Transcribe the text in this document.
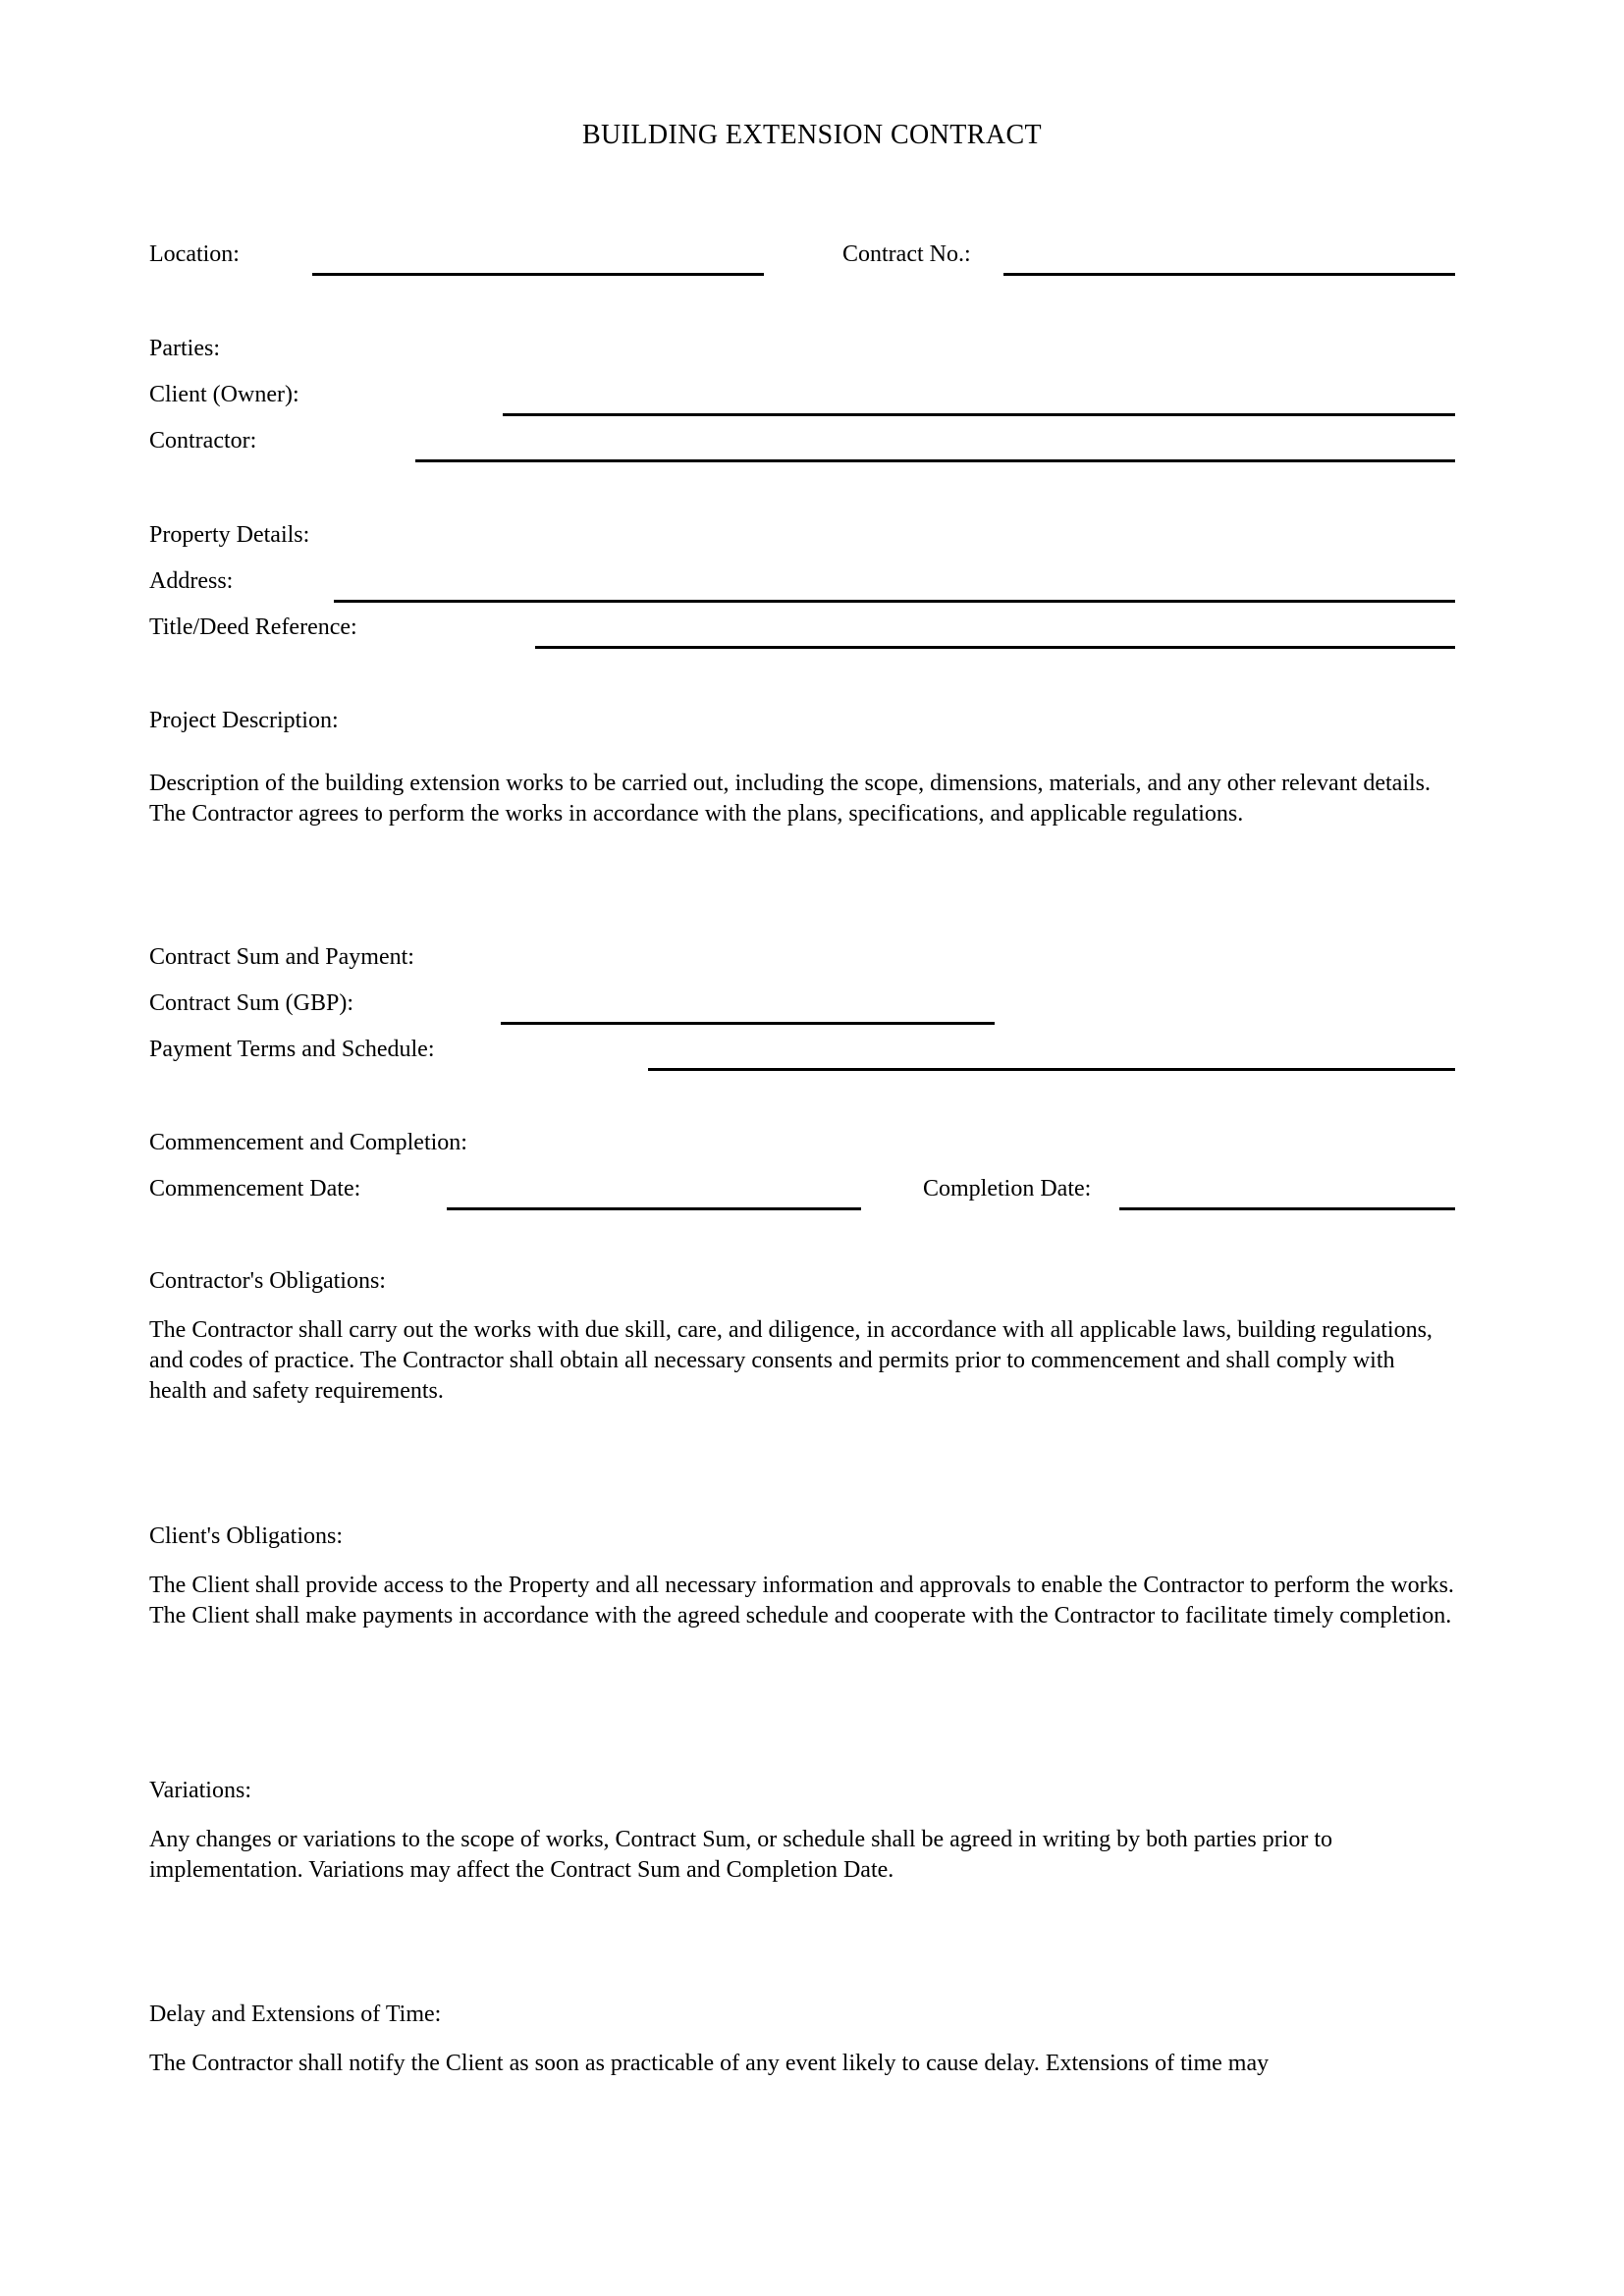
BUILDING EXTENSION CONTRACT
Location:	Contract No.:
Parties:
Client (Owner):
Contractor:
Property Details:
Address:
Title/Deed Reference:
Project Description:
Description of the building extension works to be carried out, including the scope, dimensions, materials, and any other relevant details. The Contractor agrees to perform the works in accordance with the plans, specifications, and applicable regulations.
Contract Sum and Payment:
Contract Sum (GBP):
Payment Terms and Schedule:
Commencement and Completion:
Commencement Date:	Completion Date:
Contractor's Obligations:
The Contractor shall carry out the works with due skill, care, and diligence, in accordance with all applicable laws, building regulations, and codes of practice. The Contractor shall obtain all necessary consents and permits prior to commencement and shall comply with health and safety requirements.
Client's Obligations:
The Client shall provide access to the Property and all necessary information and approvals to enable the Contractor to perform the works. The Client shall make payments in accordance with the agreed schedule and cooperate with the Contractor to facilitate timely completion.
Variations:
Any changes or variations to the scope of works, Contract Sum, or schedule shall be agreed in writing by both parties prior to implementation. Variations may affect the Contract Sum and Completion Date.
Delay and Extensions of Time:
The Contractor shall notify the Client as soon as practicable of any event likely to cause delay. Extensions of time may
